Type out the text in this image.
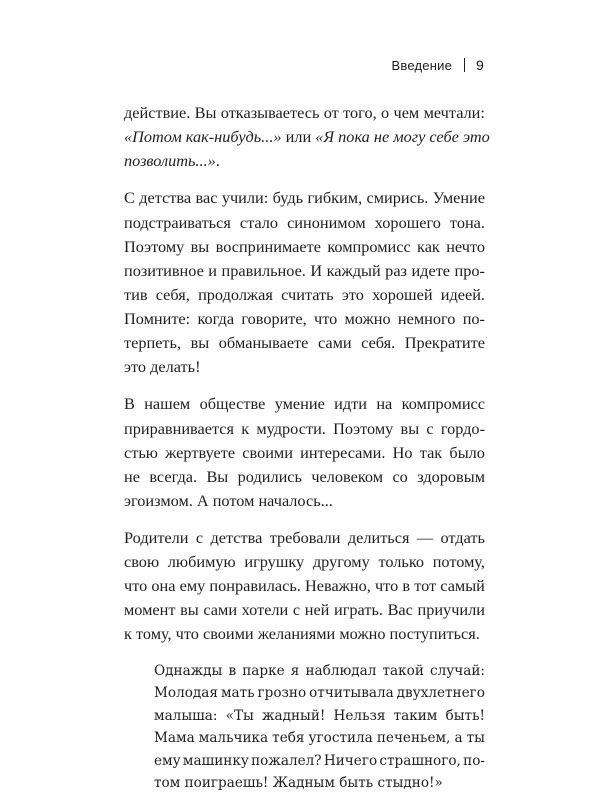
Введение 9
действие. Вы отказываетесь от того, о чем мечтали:
«Потом как-нибудь...» или «Я пока не могу себе это
позволить...».
С детства вас учили: будь гибким, смирись. Умение
подстраиваться стало синонимом хорошего тона.
Поэтому вы воспринимаете компромисс как нечто
позитивное и правильное. И каждый раз идете про-
тив себя, продолжая считать это хорошей идеей.
Помните: когда говорите, что можно немного по-
терпеть, вы обманываете сами себя. Прекратите
это делать!
В нашем обществе умение идти на компромисс
приравнивается к мудрости. Поэтому вы с гордо-
стью жертвуете своими интересами. Но так было
не всегда. Вы родились человеком со здоровым
эгоизмом. А потом началось...
Родители с детства требовали делиться — отдать
свою любимую игрушку другому только потому,
что она ему понравилась. Неважно, что в тот самый
момент вы сами хотели с ней играть. Вас приучили
к тому, что своими желаниями можно поступиться.
Однажды в парке я наблюдал такой случай:
Молодая мать грозно отчитывала двухлетнего
малыша: «Ты жадный! Нельзя таким быть!
Мама мальчика тебя угостила печеньем, а ты
ему машинку пожалел? Ничего страшного, по-
том поиграешь! Жадным быть стыдно!»
